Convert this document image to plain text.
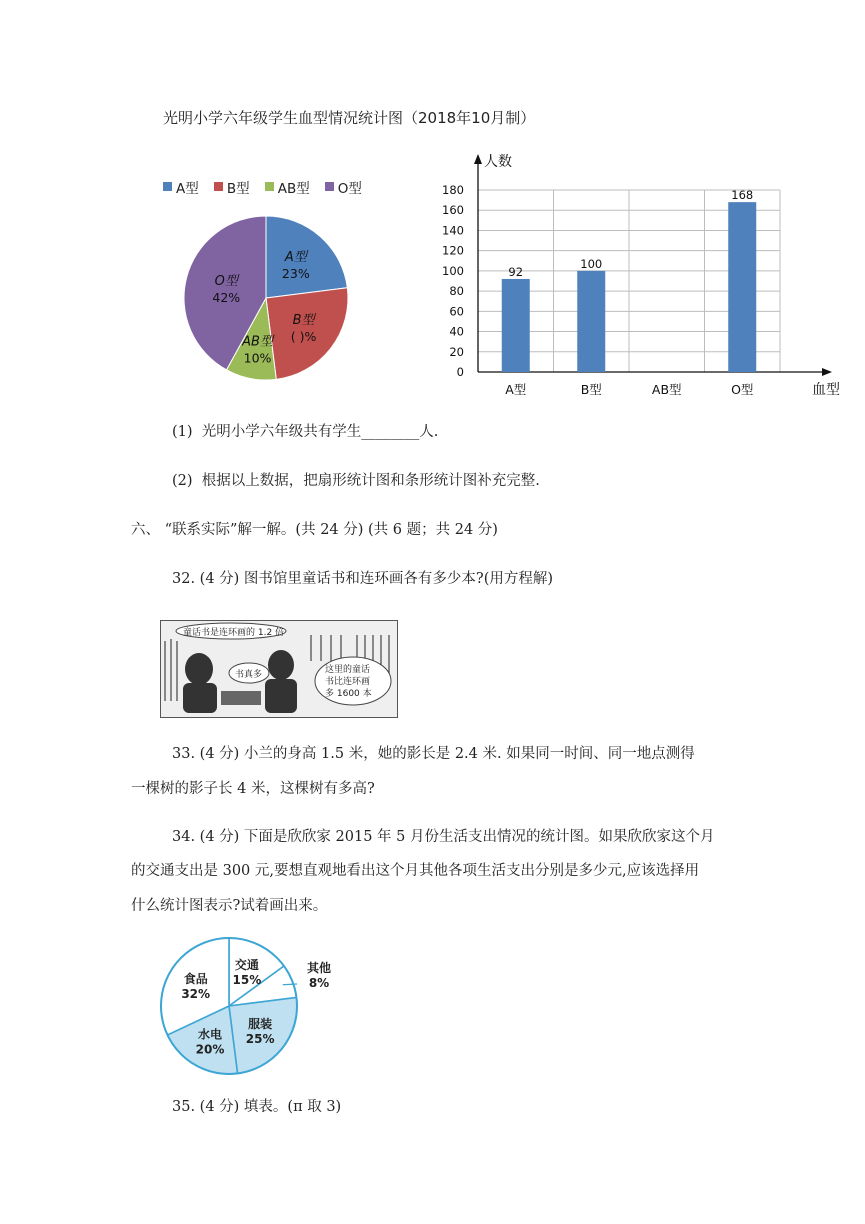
光明小学六年级学生血型情况统计图（2018年10月制）
A型
B型
AB型
O型
A型
23%
B型
( )%
AB型
10%
O型
42%
0
20
40
60
80
100
120
140
160
180
人数
血型
92
A型
100
B型	AB型
168
O型
(1) 光明小学六年级共有学生________人.
(2) 根据以上数据，把扇形统计图和条形统计图补充完整.
六、 “联系实际”解一解。(共 24 分) (共 6 题；共 24 分)
32. (4 分) 图书馆里童话书和连环画各有多少本?(用方程解)
童话书是连环画的 1.2 倍
书真多	这里的童话
书比连环画
多 1600 本
33. (4 分) 小兰的身高 1.5 米，她的影长是 2.4 米. 如果同一时间、同一地点测得
一棵树的影子长 4 米，这棵树有多高?
34. (4 分) 下面是欣欣家 2015 年 5 月份生活支出情况的统计图。如果欣欣家这个月
的交通支出是 300 元,要想直观地看出这个月其他各项生活支出分别是多少元,应该选择用
什么统计图表示?试着画出来。
交通
15%
其他
8%
服装
25%
水电
20%
食品
32%
35. (4 分) 填表。(π 取 3)
